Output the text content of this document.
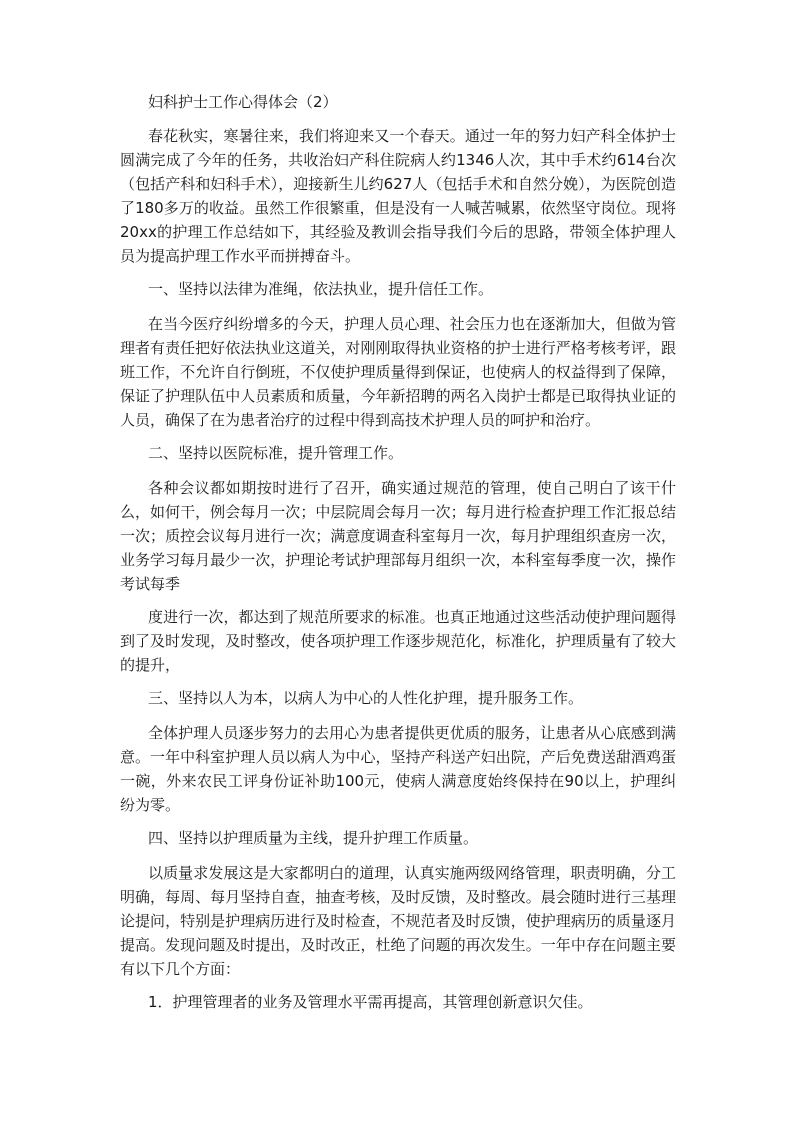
妇科护士工作心得体会（2）

春花秋实，寒暑往来，我们将迎来又一个春天。通过一年的努力妇产科全体护士圆满完成了今年的任务，共收治妇产科住院病人约1346人次，其中手术约614台次（包括产科和妇科手术），迎接新生儿约627人（包括手术和自然分娩），为医院创造了180多万的收益。虽然工作很繁重，但是没有一人喊苦喊累，依然坚守岗位。现将20xx的护理工作总结如下，其经验及教训会指导我们今后的思路，带领全体护理人员为提高护理工作水平而拼搏奋斗。

一、坚持以法律为准绳，依法执业，提升信任工作。

在当今医疗纠纷增多的今天，护理人员心理、社会压力也在逐渐加大，但做为管理者有责任把好依法执业这道关，对刚刚取得执业资格的护士进行严格考核考评，跟班工作，不允许自行倒班，不仅使护理质量得到保证，也使病人的权益得到了保障，保证了护理队伍中人员素质和质量，今年新招聘的两名入岗护士都是已取得执业证的人员，确保了在为患者治疗的过程中得到高技术护理人员的呵护和治疗。

二、坚持以医院标准，提升管理工作。

各种会议都如期按时进行了召开，确实通过规范的管理，使自己明白了该干什么，如何干，例会每月一次；中层院周会每月一次；每月进行检查护理工作汇报总结一次；质控会议每月进行一次；满意度调查科室每月一次，每月护理组织查房一次，业务学习每月最少一次，护理论考试护理部每月组织一次，本科室每季度一次，操作考试每季

度进行一次，都达到了规范所要求的标准。也真正地通过这些活动使护理问题得到了及时发现，及时整改，使各项护理工作逐步规范化，标准化，护理质量有了较大的提升，

三、坚持以人为本，以病人为中心的人性化护理，提升服务工作。

全体护理人员逐步努力的去用心为患者提供更优质的服务，让患者从心底感到满意。一年中科室护理人员以病人为中心，坚持产科送产妇出院，产后免费送甜酒鸡蛋一碗，外来农民工评身份证补助100元，使病人满意度始终保持在90以上，护理纠纷为零。

四、坚持以护理质量为主线，提升护理工作质量。

以质量求发展这是大家都明白的道理，认真实施两级网络管理，职责明确，分工明确，每周、每月坚持自查，抽查考核，及时反馈，及时整改。晨会随时进行三基理论提问，特别是护理病历进行及时检查，不规范者及时反馈，使护理病历的质量逐月提高。发现问题及时提出，及时改正，杜绝了问题的再次发生。一年中存在问题主要有以下几个方面：

1．护理管理者的业务及管理水平需再提高，其管理创新意识欠佳。
